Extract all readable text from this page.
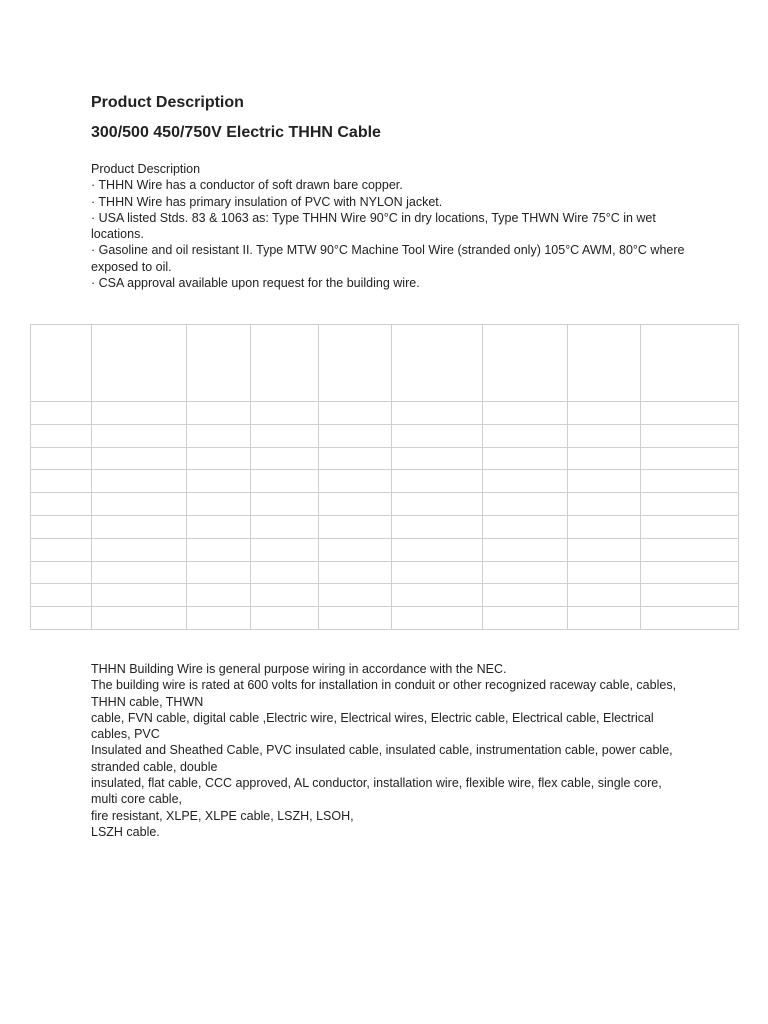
Product Description
300/500 450/750V Electric THHN Cable
Product Description
· THHN Wire has a conductor of soft drawn bare copper.
· THHN Wire has primary insulation of PVC with NYLON jacket.
· USA listed Stds. 83 & 1063 as: Type THHN Wire 90°C in dry locations, Type THWN Wire 75°C in wet locations.
· Gasoline and oil resistant II. Type MTW 90°C Machine Tool Wire (stranded only) 105°C AWM, 80°C where exposed to oil.
· CSA approval available upon request for the building wire.

THHN Building Wire is general purpose wiring in accordance with the NEC.
The building wire is rated at 600 volts for installation in conduit or other recognized raceway cable, cables, THHN cable, THWN
cable, FVN cable, digital cable ,Electric wire, Electrical wires, Electric cable, Electrical cable, Electrical cables, PVC
Insulated and Sheathed Cable, PVC insulated cable, insulated cable, instrumentation cable, power cable, stranded cable, double
insulated, flat cable, CCC approved, AL conductor, installation wire, flexible wire, flex cable, single core, multi core cable,
fire resistant, XLPE, XLPE cable, LSZH, LSOH,
LSZH cable.
